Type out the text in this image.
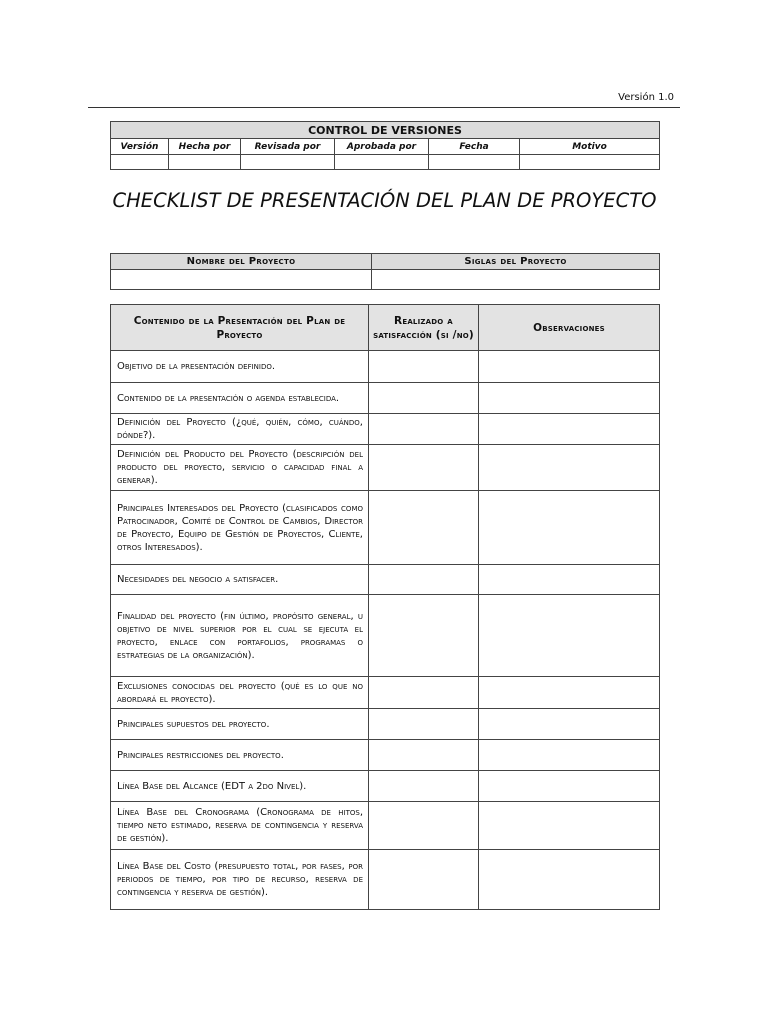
Versión 1.0
CONTROL DE VERSIONES					
Versión	Hecha por	Revisada por	Aprobada por	Fecha	Motivo

CHECKLIST DE PRESENTACIÓN DEL PLAN DE PROYECTO
Nombre del Proyecto	Siglas del Proyecto

Contenido de la Presentación del Plan de Proyecto	Realizado a satisfacción (si /no)	Observaciones
Objetivo de la presentación definido.		
Contenido de la presentación o agenda establecida.		
Definición del Proyecto (¿qué, quién, cómo, cuándo, dónde?).		
Definición del Producto del Proyecto (descripción del producto del proyecto, servicio o capacidad final a generar).		
Principales Interesados del Proyecto (clasificados como Patrocinador, Comité de Control de Cambios, Director de Proyecto, Equipo de Gestión de Proyectos, Cliente, otros Interesados).		
Necesidades del negocio a satisfacer.		
Finalidad del proyecto (fin último, propósito general, u objetivo de nivel superior por el cual se ejecuta el proyecto, enlace con portafolios, programas o estrategias de la organización).		
Exclusiones conocidas del proyecto (qué es lo que no abordará el proyecto).		
Principales supuestos del proyecto.		
Principales restricciones del proyecto.		
Línea Base del Alcance (EDT a 2do Nivel).		
Línea Base del Cronograma (Cronograma de hitos, tiempo neto estimado, reserva de contingencia y reserva de gestión).		
Línea Base del Costo (presupuesto total, por fases, por periodos de tiempo, por tipo de recurso, reserva de contingencia y reserva de gestión).		
